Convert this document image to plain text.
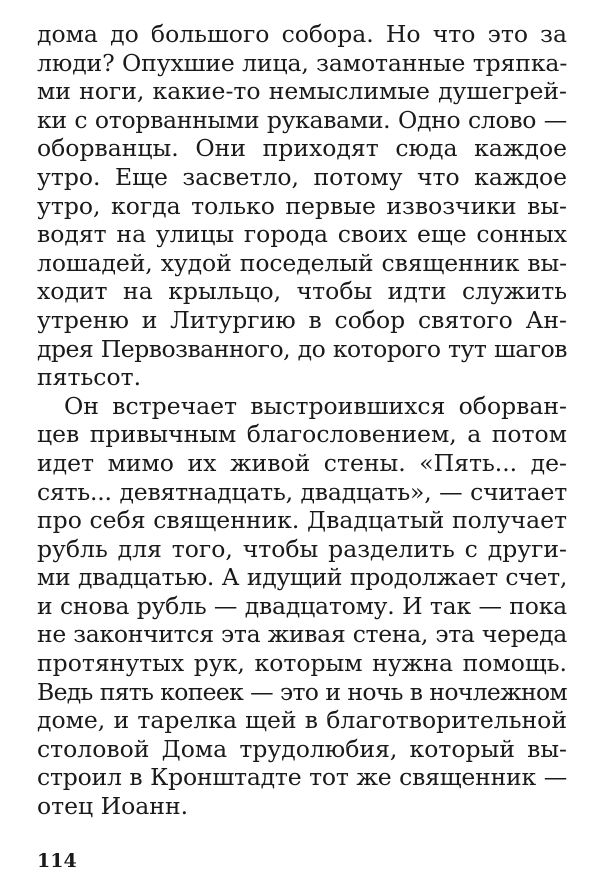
дома до большого собора. Но что это за
люди? Опухшие лица, замотанные тряпка-
ми ноги, какие-то немыслимые душегрей-
ки с оторванными рукавами. Одно слово —
оборванцы. Они приходят сюда каждое
утро. Еще засветло, потому что каждое
утро, когда только первые извозчики вы-
водят на улицы города своих еще сонных
лошадей, худой поседелый священник вы-
ходит на крыльцо, чтобы идти служить
утреню и Литургию в собор святого Ан-
дрея Первозванного, до которого тут шагов
пятьсот.
Он встречает выстроившихся оборван-
цев привычным благословением, а потом
идет мимо их живой стены. «Пять... де-
сять... девятнадцать, двадцать», — считает
про себя священник. Двадцатый получает
рубль для того, чтобы разделить с други-
ми двадцатью. А идущий продолжает счет,
и снова рубль — двадцатому. И так — пока
не закончится эта живая стена, эта череда
протянутых рук, которым нужна помощь.
Ведь пять копеек — это и ночь в ночлежном
доме, и тарелка щей в благотворительной
столовой Дома трудолюбия, который вы-
строил в Кронштадте тот же священник —
отец Иоанн.
114
